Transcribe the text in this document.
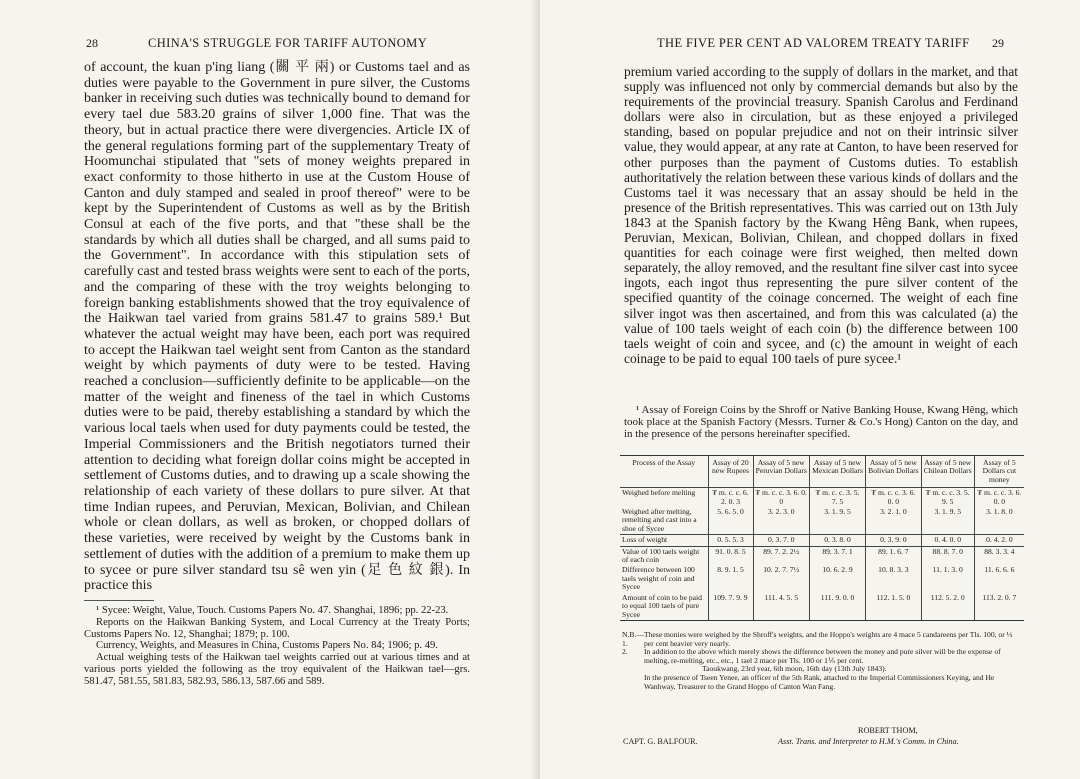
28	CHINA'S STRUGGLE FOR TARIFF AUTONOMY

of account, the kuan p'ing liang (關 平 兩) or Customs tael and as duties were payable to the Government in pure silver, the Customs banker in receiving such duties was technically bound to demand for every tael due 583.20 grains of silver 1,000 fine. That was the theory, but in actual practice there were divergencies. Article IX of the general regulations forming part of the supplementary Treaty of Hoomunchai stipulated that "sets of money weights prepared in exact conformity to those hitherto in use at the Custom House of Canton and duly stamped and sealed in proof thereof" were to be kept by the Superintendent of Customs as well as by the British Consul at each of the five ports, and that "these shall be the standards by which all duties shall be charged, and all sums paid to the Government". In accordance with this stipulation sets of carefully cast and tested brass weights were sent to each of the ports, and the comparing of these with the troy weights belonging to foreign banking establishments showed that the troy equivalence of the Haikwan tael varied from grains 581.47 to grains 589.¹ But whatever the actual weight may have been, each port was required to accept the Haikwan tael weight sent from Canton as the standard weight by which payments of duty were to be tested. Having reached a conclusion—sufficiently definite to be applicable—on the matter of the weight and fineness of the tael in which Customs duties were to be paid, thereby establishing a standard by which the various local taels when used for duty payments could be tested, the Imperial Commissioners and the British negotiators turned their attention to deciding what foreign dollar coins might be accepted in settlement of Customs duties, and to drawing up a scale showing the relationship of each variety of these dollars to pure silver. At that time Indian rupees, and Peruvian, Mexican, Bolivian, and Chilean whole or clean dollars, as well as broken, or chopped dollars of these varieties, were received by weight by the Customs bank in settlement of duties with the addition of a premium to make them up to sycee or pure silver standard tsu sê wen yin (足 色 紋 銀). In practice this

¹ Sycee: Weight, Value, Touch. Customs Papers No. 47. Shanghai, 1896; pp. 22-23.

Reports on the Haikwan Banking System, and Local Currency at the Treaty Ports; Customs Papers No. 12, Shanghai; 1879; p. 100.

Currency, Weights, and Measures in China, Customs Papers No. 84; 1906; p. 49.

Actual weighing tests of the Haikwan tael weights carried out at various times and at various ports yielded the following as the troy equivalent of the Haikwan tael—grs. 581.47, 581.55, 581.83, 582.93, 586.13, 587.66 and 589.

THE FIVE PER CENT AD VALOREM TREATY TARIFF 29

premium varied according to the supply of dollars in the market, and that supply was influenced not only by commercial demands but also by the requirements of the provincial treasury. Spanish Carolus and Ferdinand dollars were also in circulation, but as these enjoyed a privileged standing, based on popular prejudice and not on their intrinsic silver value, they would appear, at any rate at Canton, to have been reserved for other purposes than the payment of Customs duties. To establish authoritatively the relation between these various kinds of dollars and the Customs tael it was necessary that an assay should be held in the presence of the British representatives. This was carried out on 13th July 1843 at the Spanish factory by the Kwang Hêng Bank, when rupees, Peruvian, Mexican, Bolivian, Chilean, and chopped dollars in fixed quantities for each coinage were first weighed, then melted down separately, the alloy removed, and the resultant fine silver cast into sycee ingots, each ingot thus representing the pure silver content of the specified quantity of the coinage concerned. The weight of each fine silver ingot was then ascertained, and from this was calculated (a) the value of 100 taels weight of each coin (b) the difference between 100 taels weight of coin and sycee, and (c) the amount in weight of each coinage to be paid to equal 100 taels of pure sycee.¹

¹ Assay of Foreign Coins by the Shroff or Native Banking House, Kwang Hêng, which took place at the Spanish Factory (Messrs. Turner & Co.'s Hong) Canton on the day, and in the presence of the persons hereinafter specified.

Process of the Assay	Assay of 20 new Rupees	Assay of 5 new Peruvian Dollars	Assay of 5 new Mexican Dollars	Assay of 5 new Bolivian Dollars	Assay of 5 new Chilean Dollars	Assay of 5 Dollars cut money
Weighed before melting	₮ m. c. c. 6. 2. 0. 3	₮ m. c. c. 3. 6. 0. 0	₮ m. c. c. 3. 5. 7. 5	₮ m. c. c. 3. 6. 0. 0	₮ m. c. c. 3. 5. 9. 5	₮ m. c. c. 3. 6. 0. 0
Weighed after melting, remelting and cast into a shoe of Sycee	5. 6. 5. 0	3. 2. 3. 0	3. 1. 9. 5	3. 2. 1. 0	3. 1. 9. 5	3. 1. 8. 0
Loss of weight	0. 5. 5. 3	0. 3. 7. 0	0. 3. 8. 0	0. 3. 9. 0	0. 4. 0. 0	0. 4. 2. 0
Value of 100 taels weight of each coin	91. 0. 8. 5	89. 7. 2. 2½	89. 3. 7. 1	89. 1. 6. 7	88. 8. 7. 0	88. 3. 3. 4
Difference between 100 taels weight of coin and Sycee	8. 9. 1. 5	10. 2. 7. 7½	10. 6. 2. 9	10. 8. 3. 3	11. 1. 3. 0	11. 6. 6. 6
Amount of coin to be paid to equal 100 taels of pure Sycee	109. 7. 9. 9	111. 4. 5. 5	111. 9. 0. 0	112. 1. 5. 0	112. 5. 2. 0	113. 2. 0. 7
N.B.—1.
These monies were weighed by the Shroff's weights, and the Hoppo's weights are 4 mace 5 candareens per Tls. 100, or ⅓ per cent heavier very nearly.
2.	In addition to the above which merely shows the difference between the money and pure silver will be the expense of melting, re-melting, etc., etc., 1 tael 2 mace per Tls. 100 or 1⅕ per cent.
Taoukwang, 23rd year, 6th moon, 16th day (13th July 1843).
In the presence of Tseen Yenee, an officer of the 5th Rank, attached to the Imperial Commissioners Keying, and He Wanhway, Treasurer to the Grand Hoppo of Canton Wan Fang.
ROBERT THOM,
CAPT. G. BALFOUR.	Asst. Trans. and Interpreter to H.M.'s Comm. in China.
